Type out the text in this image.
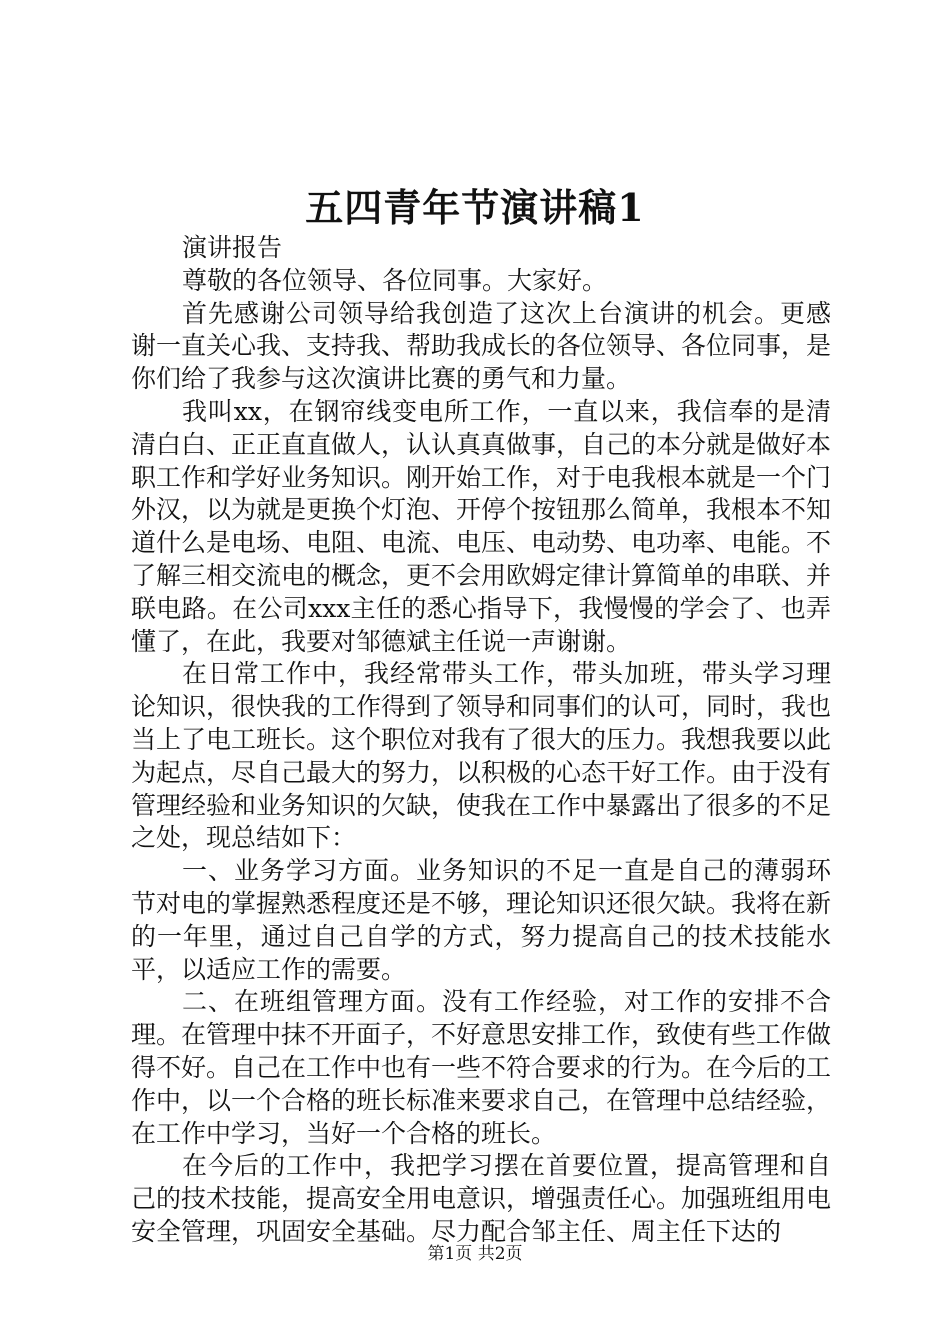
五四青年节演讲稿1

演讲报告

尊敬的各位领导、各位同事。大家好。

首先感谢公司领导给我创造了这次上台演讲的机会。更感谢一直关心我、支持我、帮助我成长的各位领导、各位同事，是你们给了我参与这次演讲比赛的勇气和力量。

我叫xx，在钢帘线变电所工作，一直以来，我信奉的是清清白白、正正直直做人，认认真真做事，自己的本分就是做好本职工作和学好业务知识。刚开始工作，对于电我根本就是一个门外汉，以为就是更换个灯泡、开停个按钮那么简单，我根本不知道什么是电场、电阻、电流、电压、电动势、电功率、电能。不了解三相交流电的概念，更不会用欧姆定律计算简单的串联、并联电路。在公司xxx主任的悉心指导下，我慢慢的学会了、也弄懂了，在此，我要对邹德斌主任说一声谢谢。

在日常工作中，我经常带头工作，带头加班，带头学习理论知识，很快我的工作得到了领导和同事们的认可，同时，我也当上了电工班长。这个职位对我有了很大的压力。我想我要以此为起点，尽自己最大的努力，以积极的心态干好工作。由于没有管理经验和业务知识的欠缺，使我在工作中暴露出了很多的不足之处，现总结如下：

一、业务学习方面。业务知识的不足一直是自己的薄弱环节对电的掌握熟悉程度还是不够，理论知识还很欠缺。我将在新的一年里，通过自己自学的方式，努力提高自己的技术技能水平，以适应工作的需要。

二、在班组管理方面。没有工作经验，对工作的安排不合理。在管理中抹不开面子，不好意思安排工作，致使有些工作做得不好。自己在工作中也有一些不符合要求的行为。在今后的工作中，以一个合格的班长标准来要求自己，在管理中总结经验，在工作中学习，当好一个合格的班长。

在今后的工作中，我把学习摆在首要位置，提高管理和自己的技术技能，提高安全用电意识，增强责任心。加强班组用电安全管理，巩固安全基础。尽力配合邹主任、周主任下达的

第1页 共2页
